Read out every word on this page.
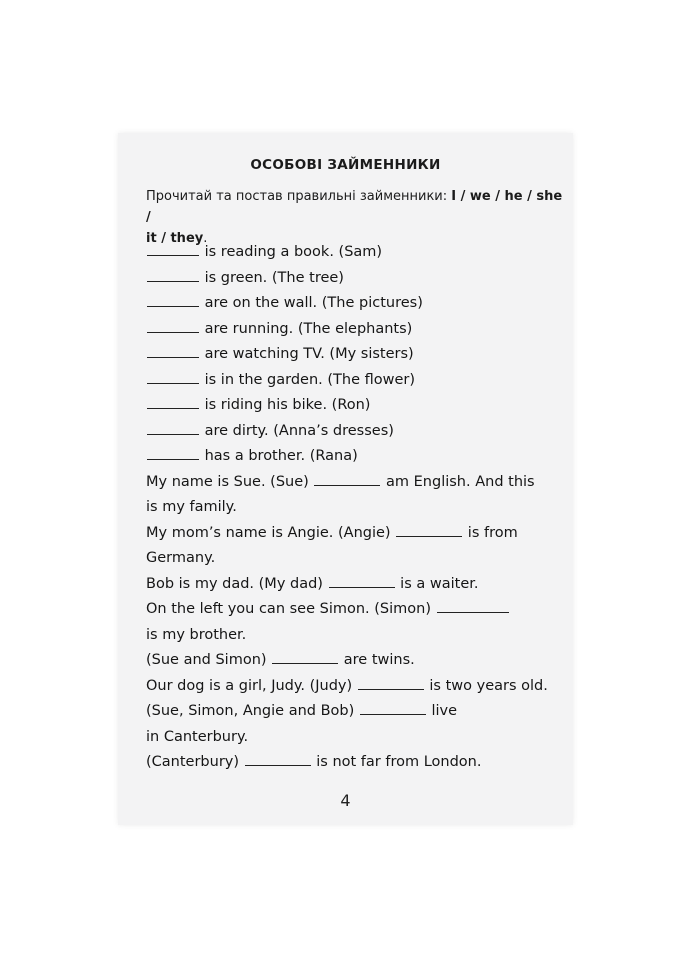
ОСОБОВІ ЗАЙМЕННИКИ
Прочитай та постав правильні займенники: I / we / he / she /
it / they.
is reading a book. (Sam)
is green. (The tree)
are on the wall. (The pictures)
are running. (The elephants)
are watching TV. (My sisters)
is in the garden. (The flower)
is riding his bike. (Ron)
are dirty. (Anna’s dresses)
has a brother. (Rana)
My name is Sue. (Sue)	am English. And this
is my family.
My mom’s name is Angie. (Angie)	is from
Germany.
Bob is my dad. (My dad)	is a waiter.
On the left you can see Simon. (Simon)
is my brother.
(Sue and Simon)	are twins.
Our dog is a girl, Judy. (Judy)	is two years old.
(Sue, Simon, Angie and Bob)	live
in Canterbury.
(Canterbury)	is not far from London.
4
